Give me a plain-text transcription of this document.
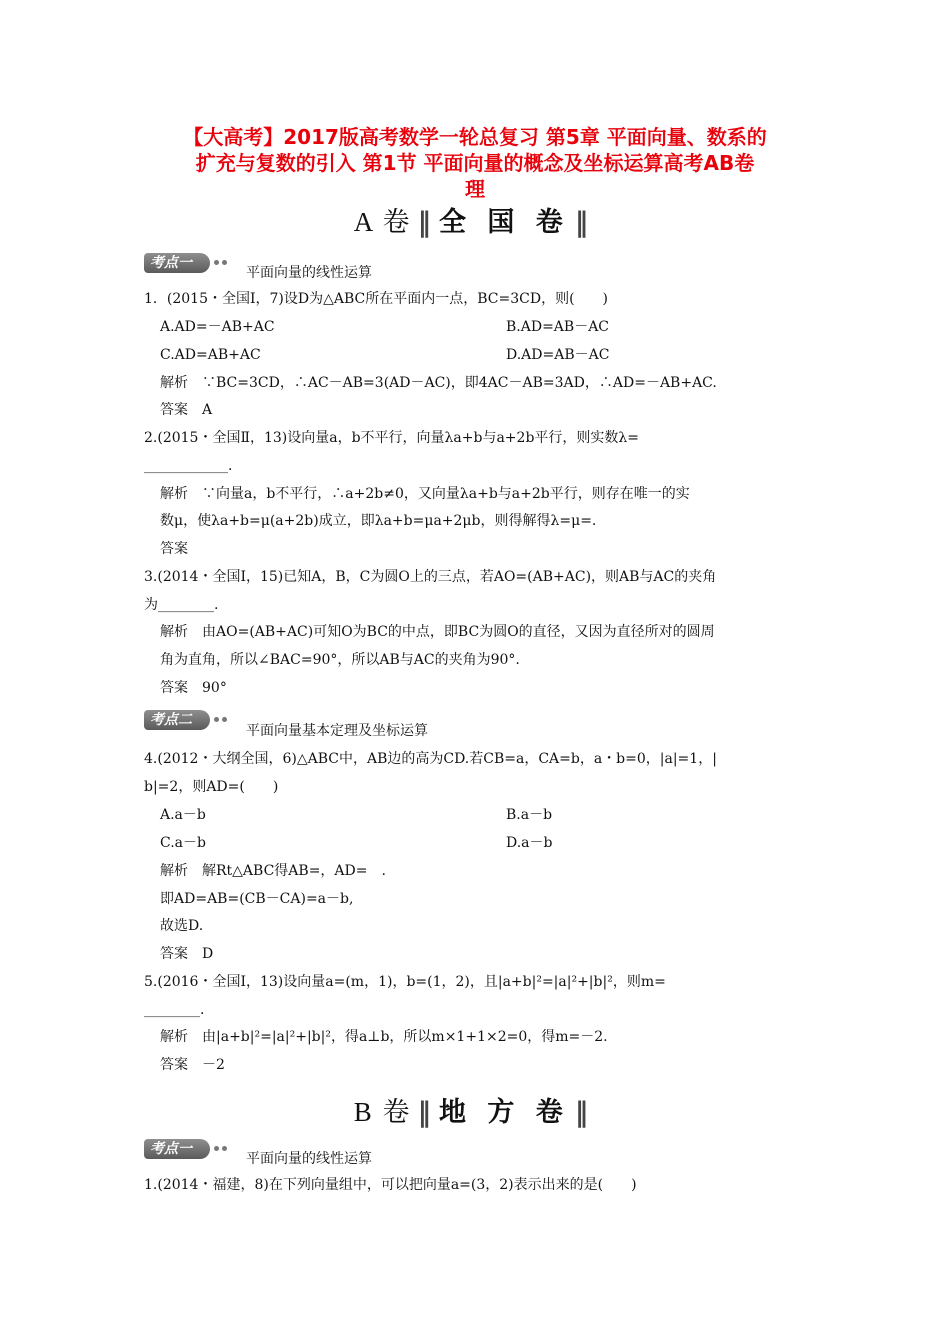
【大高考】2017版高考数学一轮总复习 第5章 平面向量、数系的
扩充与复数的引入 第1节 平面向量的概念及坐标运算高考AB卷
理
A 卷 ‖ 全 国 卷 ‖
考点一
平面向量的线性运算
1．(2015・全国Ⅰ，7)设D为△ABC所在平面内一点，BC=3CD，则(　　)
A.AD=－AB+AC	B.AD=AB－AC
C.AD=AB+AC	D.AD=AB－AC
解析　∵BC=3CD，∴AC－AB=3(AD－AC)，即4AC－AB=3AD，∴AD=－AB+AC.
答案　A
2.(2015・全国Ⅱ，13)设向量a，b不平行，向量λa+b与a+2b平行，则实数λ=
____________.
解析　∵向量a，b不平行，∴a+2b≠0，又向量λa+b与a+2b平行，则存在唯一的实
数μ，使λa+b=μ(a+2b)成立，即λa+b=μa+2μb，则得解得λ=μ=.
答案
3.(2014・全国Ⅰ，15)已知A，B，C为圆O上的三点，若AO=(AB+AC)，则AB与AC的夹角
为________.
解析　由AO=(AB+AC)可知O为BC的中点，即BC为圆O的直径，又因为直径所对的圆周
角为直角，所以∠BAC=90°，所以AB与AC的夹角为90°.
答案　90°
考点二
平面向量基本定理及坐标运算
4.(2012・大纲全国，6)△ABC中，AB边的高为CD.若CB=a，CA=b，a・b=0，|a|=1，|
b|=2，则AD=(　　)
A.a－b	B.a－b
C.a－b	D.a－b
解析　解Rt△ABC得AB=，AD=　.
即AD=AB=(CB－CA)=a－b,
故选D.
答案　D
5.(2016・全国Ⅰ，13)设向量a=(m，1)，b=(1，2)，且|a+b|²=|a|²+|b|²，则m=
________.
解析　由|a+b|²=|a|²+|b|²，得a⊥b，所以m×1+1×2=0，得m=－2.
答案　－2
B 卷 ‖ 地 方 卷 ‖
考点一
平面向量的线性运算
1.(2014・福建，8)在下列向量组中，可以把向量a=(3，2)表示出来的是(　　)
